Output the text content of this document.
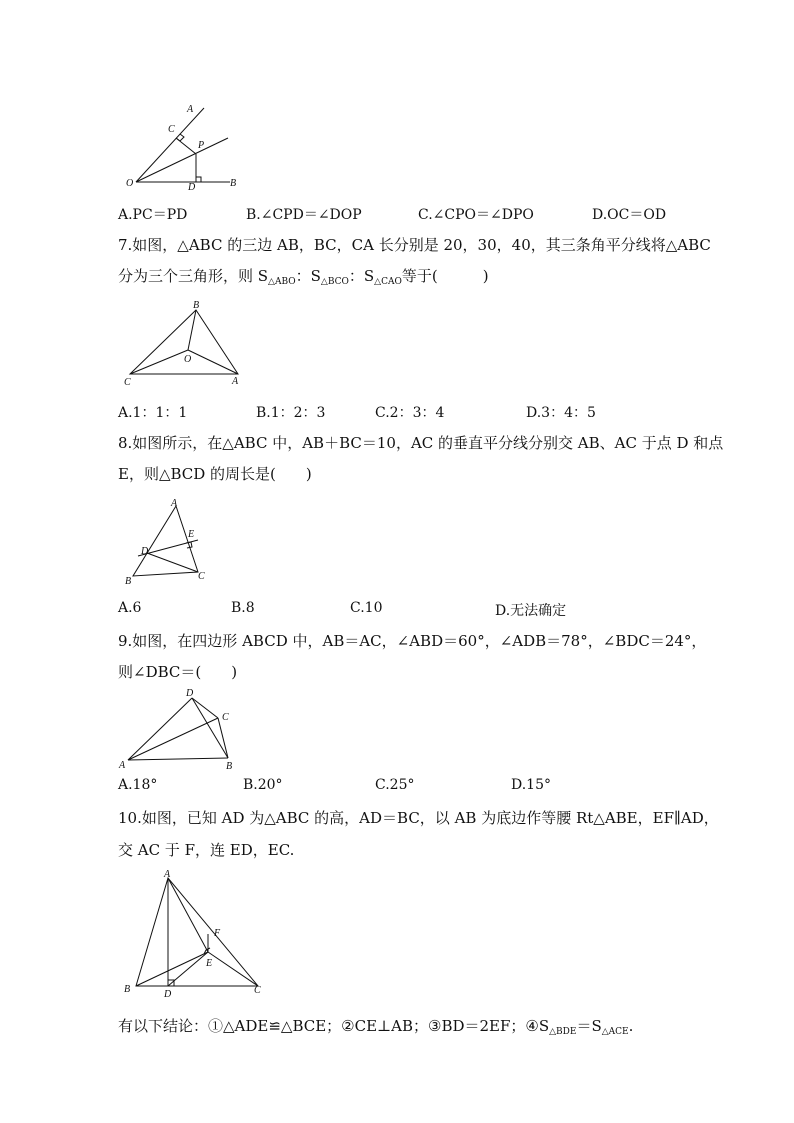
A
C
P
O	D	B
A.PC＝PD	B.∠CPD＝∠DOP	C.∠CPO＝∠DPO	D.OC＝OD
7.如图，△ABC 的三边 AB，BC，CA 长分别是 20，30，40，其三条角平分线将△ABC
分为三个三角形，则 $S_{\triangle ABO}$：$S_{\triangle BCO}$：$S_{\triangle CAO}$等于(　　　)
B
O
C	A
A.1：1：1	B.1：2：3	C.2：3：4	D.3：4：5
8.如图所示，在△ABC 中，AB＋BC＝10，AC 的垂直平分线分别交 AB、AC 于点 D 和点
E，则△BCD 的周长是(　　)
A
E
D
B	C
A.6	B.8	C.10	D.无法确定
9.如图，在四边形 ABCD 中，AB＝AC，∠ABD＝60°，∠ADB＝78°，∠BDC＝24°，
则∠DBC＝(　　)
D
C
A	B
A.18°	B.20°	C.25°	D.15°
10.如图，已知 AD 为△ABC 的高，AD＝BC，以 AB 为底边作等腰 Rt△ABE，EF∥AD，
交 AC 于 F，连 ED，EC.
A
F
E
B	D	C
有以下结论：①△ADE≌△BCE；②CE⊥AB；③BD＝2EF；$④S_{\triangle BDE}=S_{\triangle ACE}$.
